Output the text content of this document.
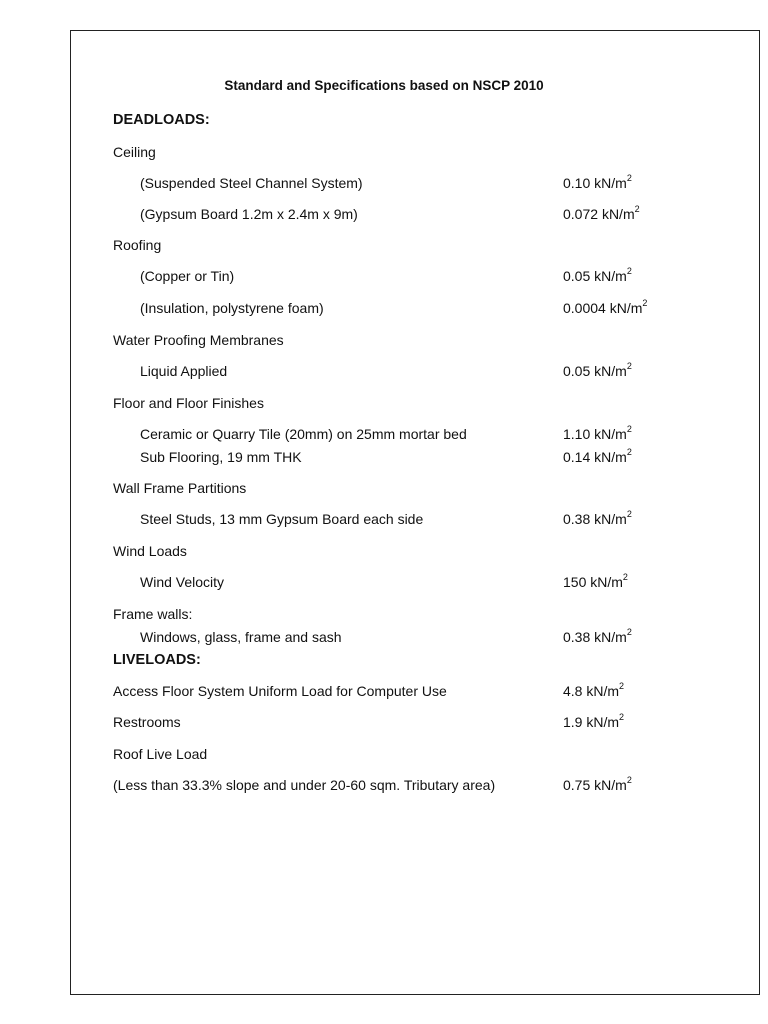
Standard and Specifications based on NSCP 2010
DEADLOADS:
Ceiling
(Suspended Steel Channel System)	0.10 $kN/m^2$
(Gypsum Board 1.2m x 2.4m x 9m)	0.072 $kN/m^2$
Roofing
(Copper or Tin)	0.05 $kN/m^2$
(Insulation, polystyrene foam)	0.0004 $kN/m^2$
Water Proofing Membranes
Liquid Applied	0.05 $kN/m^2$
Floor and Floor Finishes
Ceramic or Quarry Tile (20mm) on 25mm mortar bed	1.10 $kN/m^2$
Sub Flooring, 19 mm THK	0.14 $kN/m^2$
Wall Frame Partitions
Steel Studs, 13 mm Gypsum Board each side	0.38 $kN/m^2$
Wind Loads
Wind Velocity	150 $kN/m^2$
Frame walls:
Windows, glass, frame and sash	0.38 $kN/m^2$
Access Floor System Uniform Load for Computer Use	4.8 $kN/m^2$
Restrooms	1.9 $kN/m^2$
Roof Live Load
(Less than 33.3% slope and under 20-60 sqm. Tributary area)	0.75 $kN/m^2$
LIVELOADS:
